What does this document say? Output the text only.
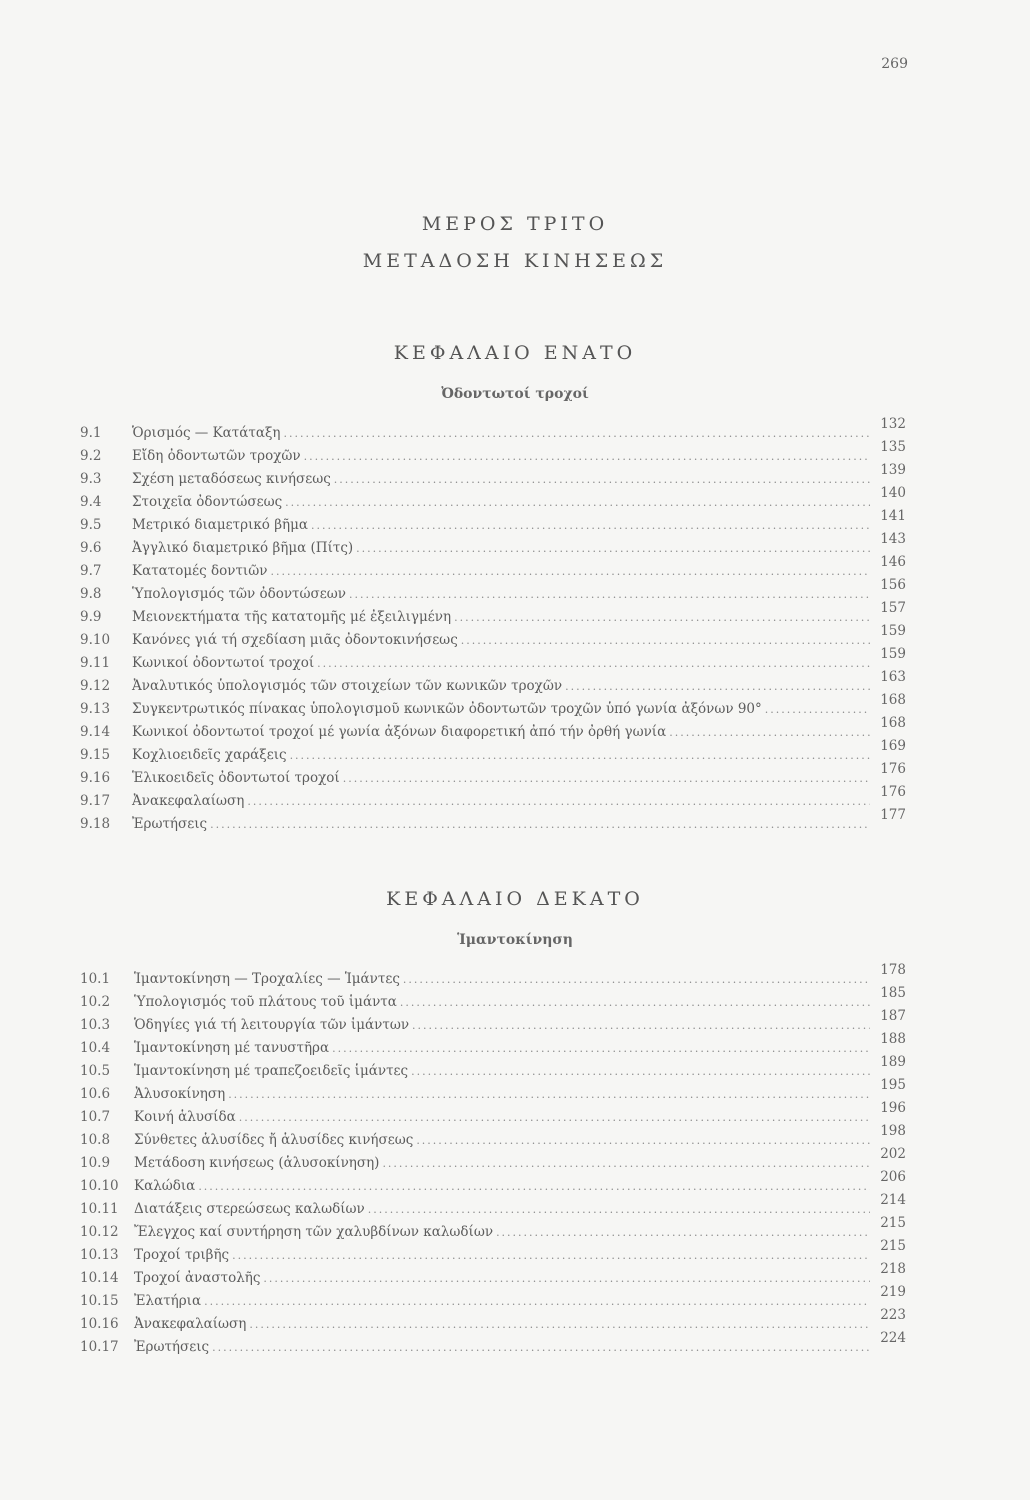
269
ΜΕΡΟΣ ΤΡΙΤΟ
ΜΕΤΑΔΟΣΗ ΚΙΝΗΣΕΩΣ
ΚΕΦΑΛΑΙΟ ΕΝΑΤΟ
Ὀδοντωτοί τροχοί
9.1	Ὁρισμός — Κατάταξη
.....
132
9.2	Εἴδη ὀδοντωτῶν τροχῶν
.....
135
9.3	Σχέση μεταδόσεως κινήσεως
.....
139
9.4	Στοιχεῖα ὀδοντώσεως
.....
140
9.5	Μετρικό διαμετρικό βῆμα
.....
141
9.6	Ἀγγλικό διαμετρικό βῆμα (Πίτς)
.....
143
9.7	Κατατομές δοντιῶν
.....
146
9.8	Ὑπολογισμός τῶν ὀδοντώσεων
.....
156
9.9	Μειονεκτήματα τῆς κατατομῆς μέ ἐξειλιγμένη
.....
157
9.10	Κανόνες γιά τή σχεδίαση μιᾶς ὀδοντοκινήσεως
.....
159
9.11	Κωνικοί ὀδοντωτοί τροχοί
.....
159
9.12	Ἀναλυτικός ὑπολογισμός τῶν στοιχείων τῶν κωνικῶν τροχῶν
.....
163
9.13	Συγκεντρωτικός πίνακας ὑπολογισμοῦ κωνικῶν ὀδοντωτῶν τροχῶν ὑπό γωνία ἀξόνων 90°
.....
168
9.14	Κωνικοί ὀδοντωτοί τροχοί μέ γωνία ἀξόνων διαφορετική ἀπό τήν ὀρθή γωνία
.....
168
9.15	Κοχλιοειδεῖς χαράξεις
.....
169
9.16	Ἑλικοειδεῖς ὀδοντωτοί τροχοί
.....
176
9.17	Ἀνακεφαλαίωση
.....
176
9.18	Ἐρωτήσεις
.....
177
ΚΕΦΑΛΑΙΟ ΔΕΚΑΤΟ
Ἱμαντοκίνηση
10.1	Ἱμαντοκίνηση — Τροχαλίες — Ἱμάντες
.....
178
10.2	Ὑπολογισμός τοῦ πλάτους τοῦ ἱμάντα
.....
185
10.3	Ὁδηγίες γιά τή λειτουργία τῶν ἱμάντων
.....
187
10.4	Ἱμαντοκίνηση μέ τανυστῆρα
.....
188
10.5	Ἱμαντοκίνηση μέ τραπεζοειδεῖς ἱμάντες
.....
189
10.6	Ἀλυσοκίνηση
.....
195
10.7	Κοινή ἁλυσίδα
.....
196
10.8	Σύνθετες ἁλυσίδες ἤ ἁλυσίδες κινήσεως
.....
198
10.9	Μετάδοση κινήσεως (ἁλυσοκίνηση)
.....
202
10.10	Καλώδια
.....
206
10.11	Διατάξεις στερεώσεως καλωδίων
.....
214
10.12	Ἔλεγχος καί συντήρηση τῶν χαλυβδίνων καλωδίων
.....
215
10.13	Τροχοί τριβῆς
.....
215
10.14	Τροχοί ἀναστολῆς
.....
218
10.15	Ἐλατήρια
.....
219
10.16	Ἀνακεφαλαίωση
.....
223
10.17	Ἐρωτήσεις
.....
224
